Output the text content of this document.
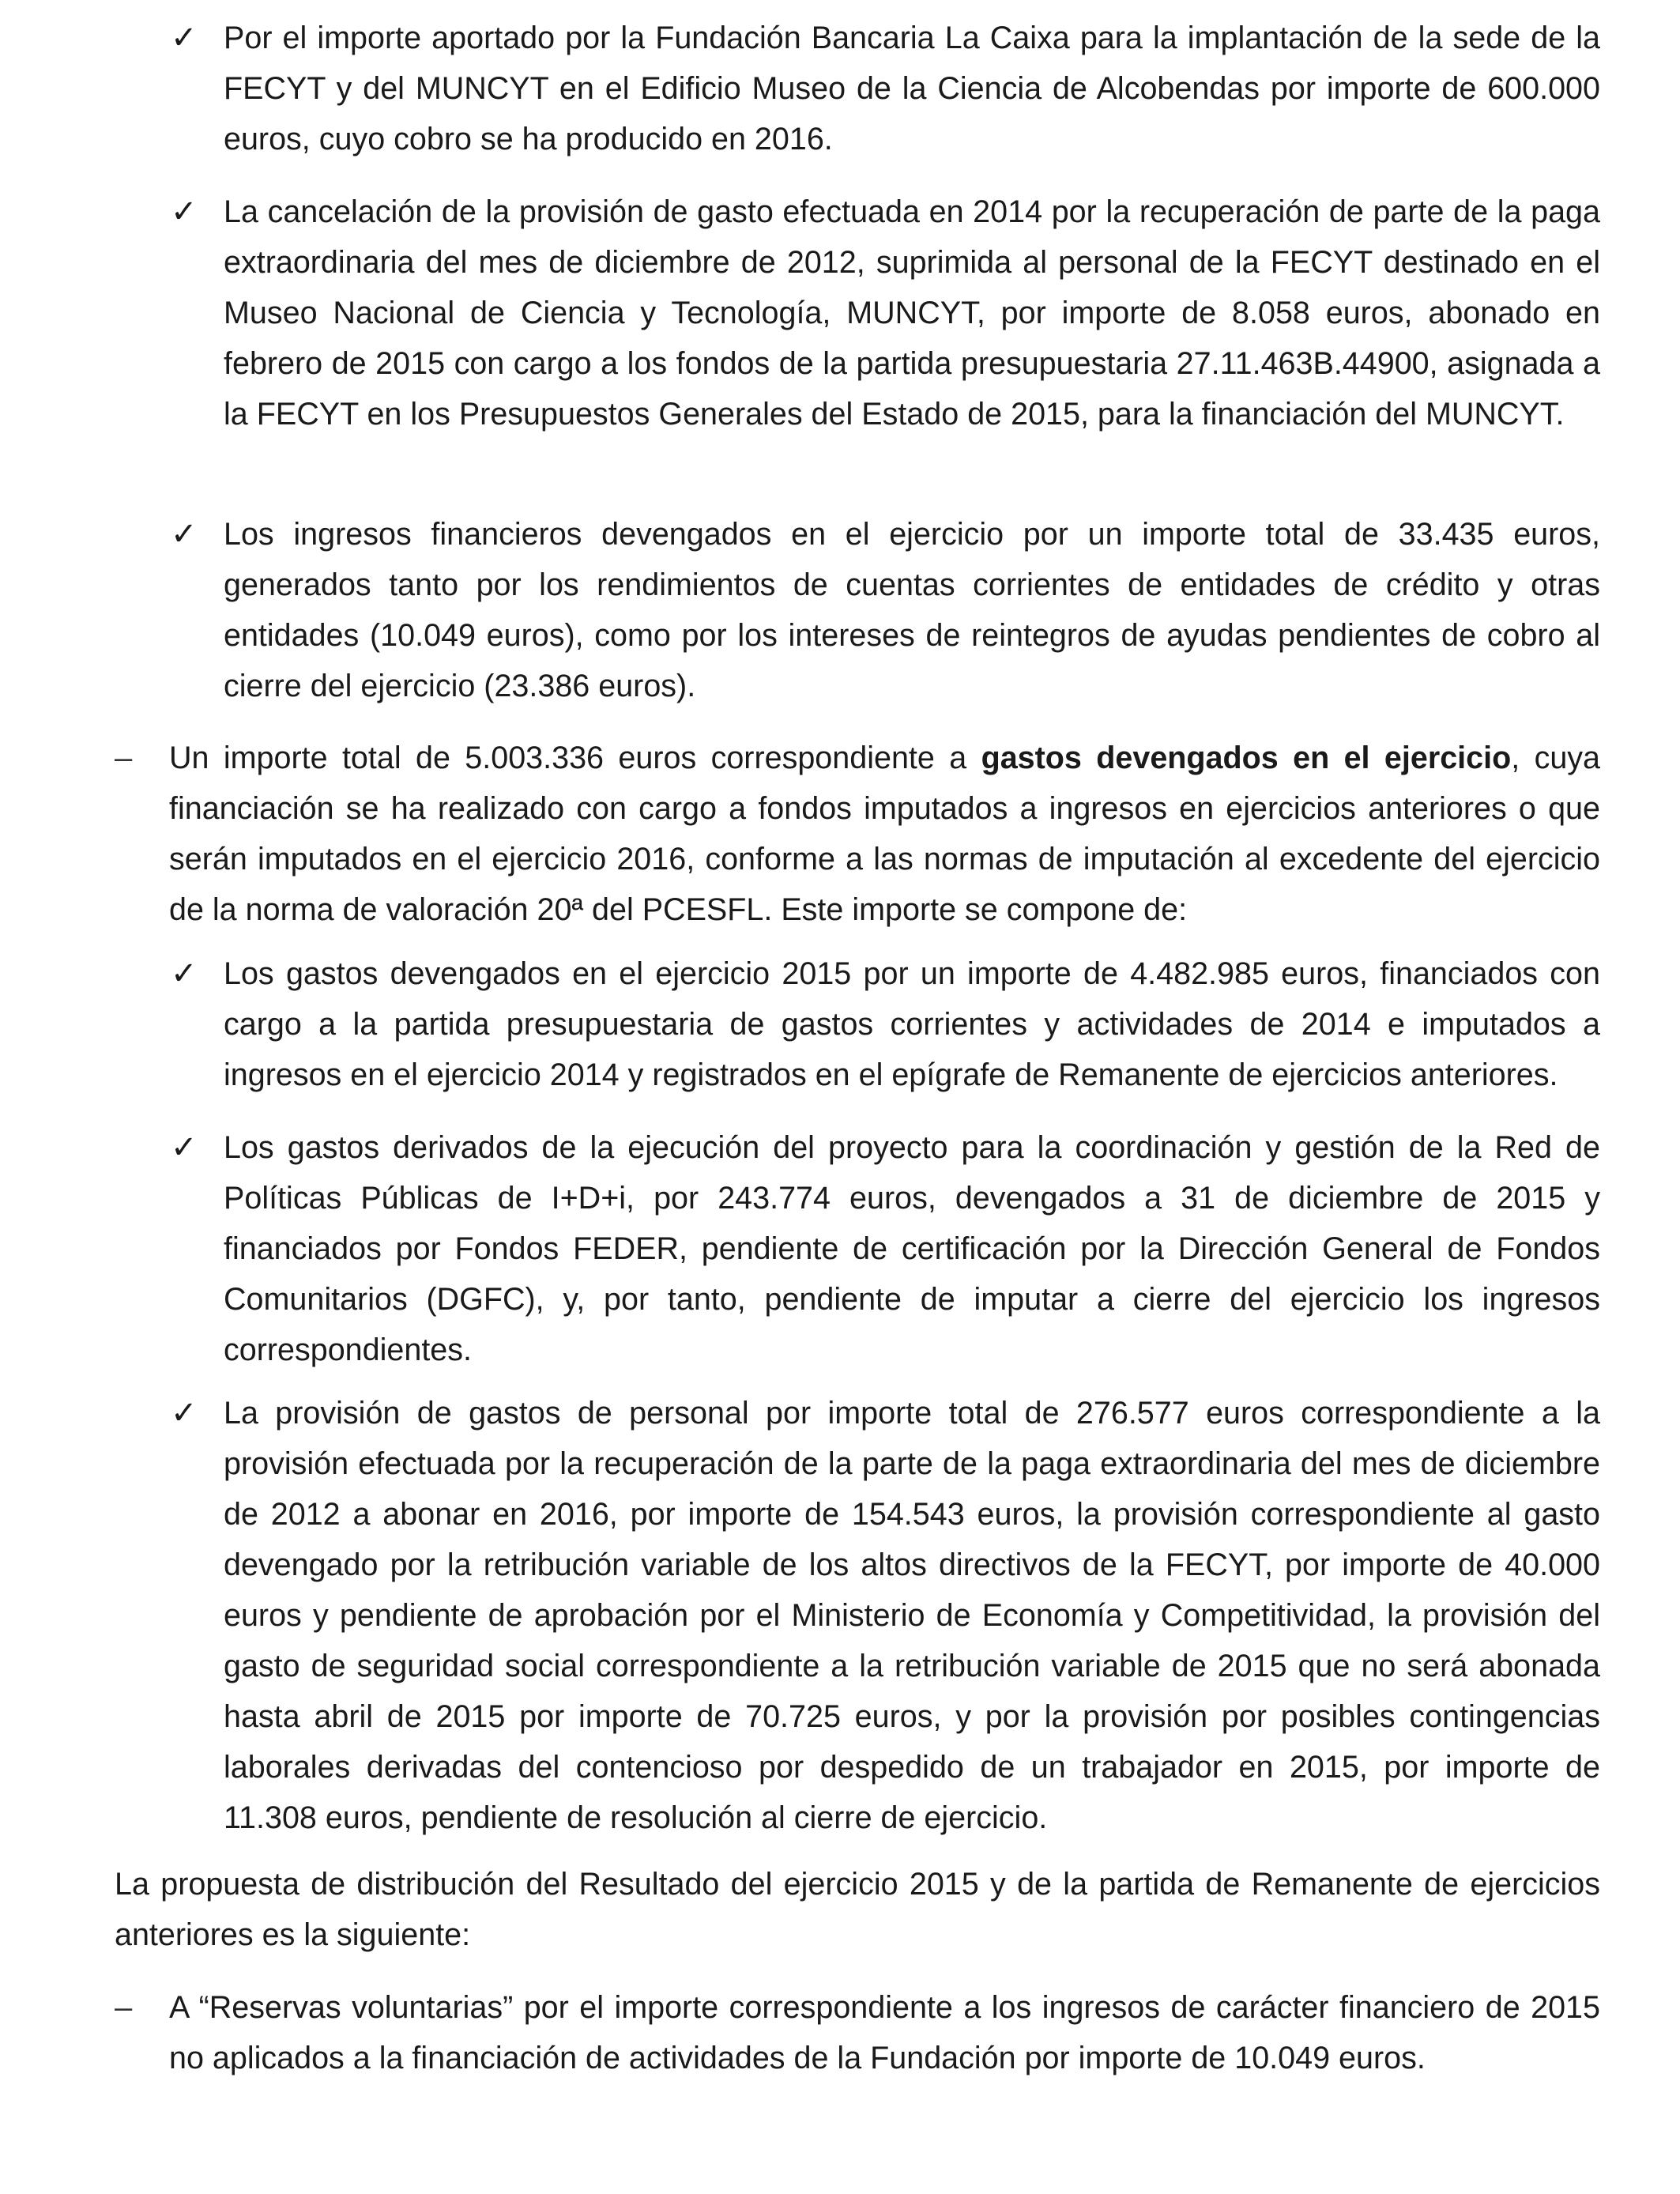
✓ Por el importe aportado por la Fundación Bancaria La Caixa para la implantación de la sede de la FECYT y del MUNCYT en el Edificio Museo de la Ciencia de Alcobendas por importe de 600.000 euros, cuyo cobro se ha producido en 2016.

✓ La cancelación de la provisión de gasto efectuada en 2014 por la recuperación de parte de la paga extraordinaria del mes de diciembre de 2012, suprimida al personal de la FECYT destinado en el Museo Nacional de Ciencia y Tecnología, MUNCYT, por importe de 8.058 euros, abonado en febrero de 2015 con cargo a los fondos de la partida presupuestaria 27.11.463B.44900, asignada a la FECYT en los Presupuestos Generales del Estado de 2015, para la financiación del MUNCYT.

✓ Los ingresos financieros devengados en el ejercicio por un importe total de 33.435 euros, generados tanto por los rendimientos de cuentas corrientes de entidades de crédito y otras entidades (10.049 euros), como por los intereses de reintegros de ayudas pendientes de cobro al cierre del ejercicio (23.386 euros).

– Un importe total de 5.003.336 euros correspondiente a gastos devengados en el ejercicio, cuya financiación se ha realizado con cargo a fondos imputados a ingresos en ejercicios anteriores o que serán imputados en el ejercicio 2016, conforme a las normas de imputación al excedente del ejercicio de la norma de valoración 20ª del PCESFL. Este importe se compone de:

✓ Los gastos devengados en el ejercicio 2015 por un importe de 4.482.985 euros, financiados con cargo a la partida presupuestaria de gastos corrientes y actividades de 2014 e imputados a ingresos en el ejercicio 2014 y registrados en el epígrafe de Remanente de ejercicios anteriores.

✓ Los gastos derivados de la ejecución del proyecto para la coordinación y gestión de la Red de Políticas Públicas de I+D+i, por 243.774 euros, devengados a 31 de diciembre de 2015 y financiados por Fondos FEDER, pendiente de certificación por la Dirección General de Fondos Comunitarios (DGFC), y, por tanto, pendiente de imputar a cierre del ejercicio los ingresos correspondientes.

✓ La provisión de gastos de personal por importe total de 276.577 euros correspondiente a la provisión efectuada por la recuperación de la parte de la paga extraordinaria del mes de diciembre de 2012 a abonar en 2016, por importe de 154.543 euros, la provisión correspondiente al gasto devengado por la retribución variable de los altos directivos de la FECYT, por importe de 40.000 euros y pendiente de aprobación por el Ministerio de Economía y Competitividad, la provisión del gasto de seguridad social correspondiente a la retribución variable de 2015 que no será abonada hasta abril de 2015 por importe de 70.725 euros, y por la provisión por posibles contingencias laborales derivadas del contencioso por despedido de un trabajador en 2015, por importe de 11.308 euros, pendiente de resolución al cierre de ejercicio.

La propuesta de distribución del Resultado del ejercicio 2015 y de la partida de Remanente de ejercicios anteriores es la siguiente:

– A “Reservas voluntarias” por el importe correspondiente a los ingresos de carácter financiero de 2015 no aplicados a la financiación de actividades de la Fundación por importe de 10.049 euros.
